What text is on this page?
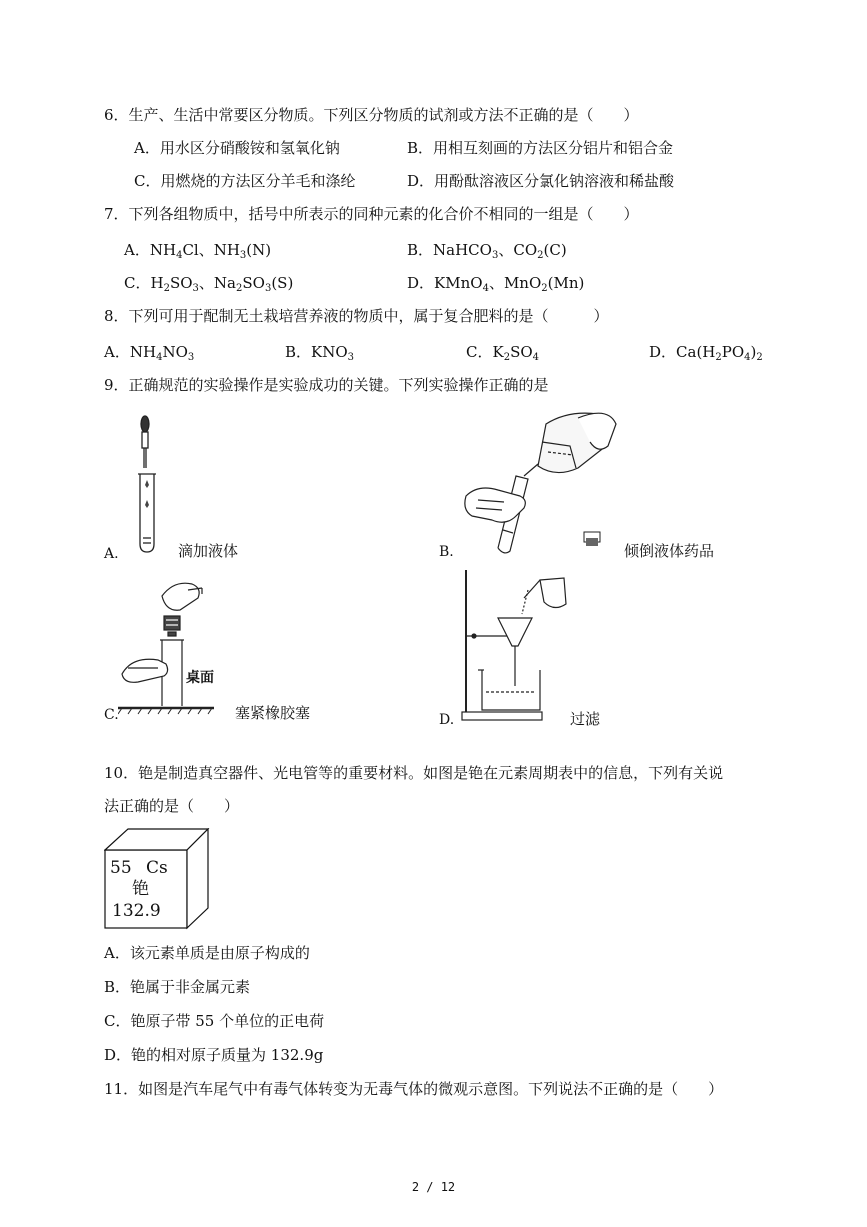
6．生产、生活中常要区分物质。下列区分物质的试剂或方法不正确的是（　　）
A．用水区分硝酸铵和氢氧化钠	B．用相互刻画的方法区分铝片和铝合金
C．用燃烧的方法区分羊毛和涤纶	D．用酚酞溶液区分氯化钠溶液和稀盐酸
7．下列各组物质中，括号中所表示的同种元素的化合价不相同的一组是（　　）
A．$NH_4Cl$、$NH_3(N)$	B．NaHCO$_3$、$CO_2(C)$
C．$H_2SO_3$、$Na_2SO_3(S)$	D．KMnO$_4$、MnO$_2$(Mn)
8．下列可用于配制无土栽培营养液的物质中，属于复合肥料的是（　　　）
A．$NH_4NO_3$	B．$KNO_3$	C．$K_2SO_4$	D．$Ca(H_2PO_4)_2$
9．正确规范的实验操作是实验成功的关键。下列实验操作正确的是
A.	滴加液体	B.	倾倒液体药品
桌面
C.	塞紧橡胶塞	D.	过滤
10．铯是制造真空器件、光电管等的重要材料。如图是铯在元素周期表中的信息，下列有关说
法正确的是（　　）
55 Cs
铯
132.9
A．该元素单质是由原子构成的
B．铯属于非金属元素
C．铯原子带 55 个单位的正电荷
D．铯的相对原子质量为 132.9g
11．如图是汽车尾气中有毒气体转变为无毒气体的微观示意图。下列说法不正确的是（　　）
2 / 12
